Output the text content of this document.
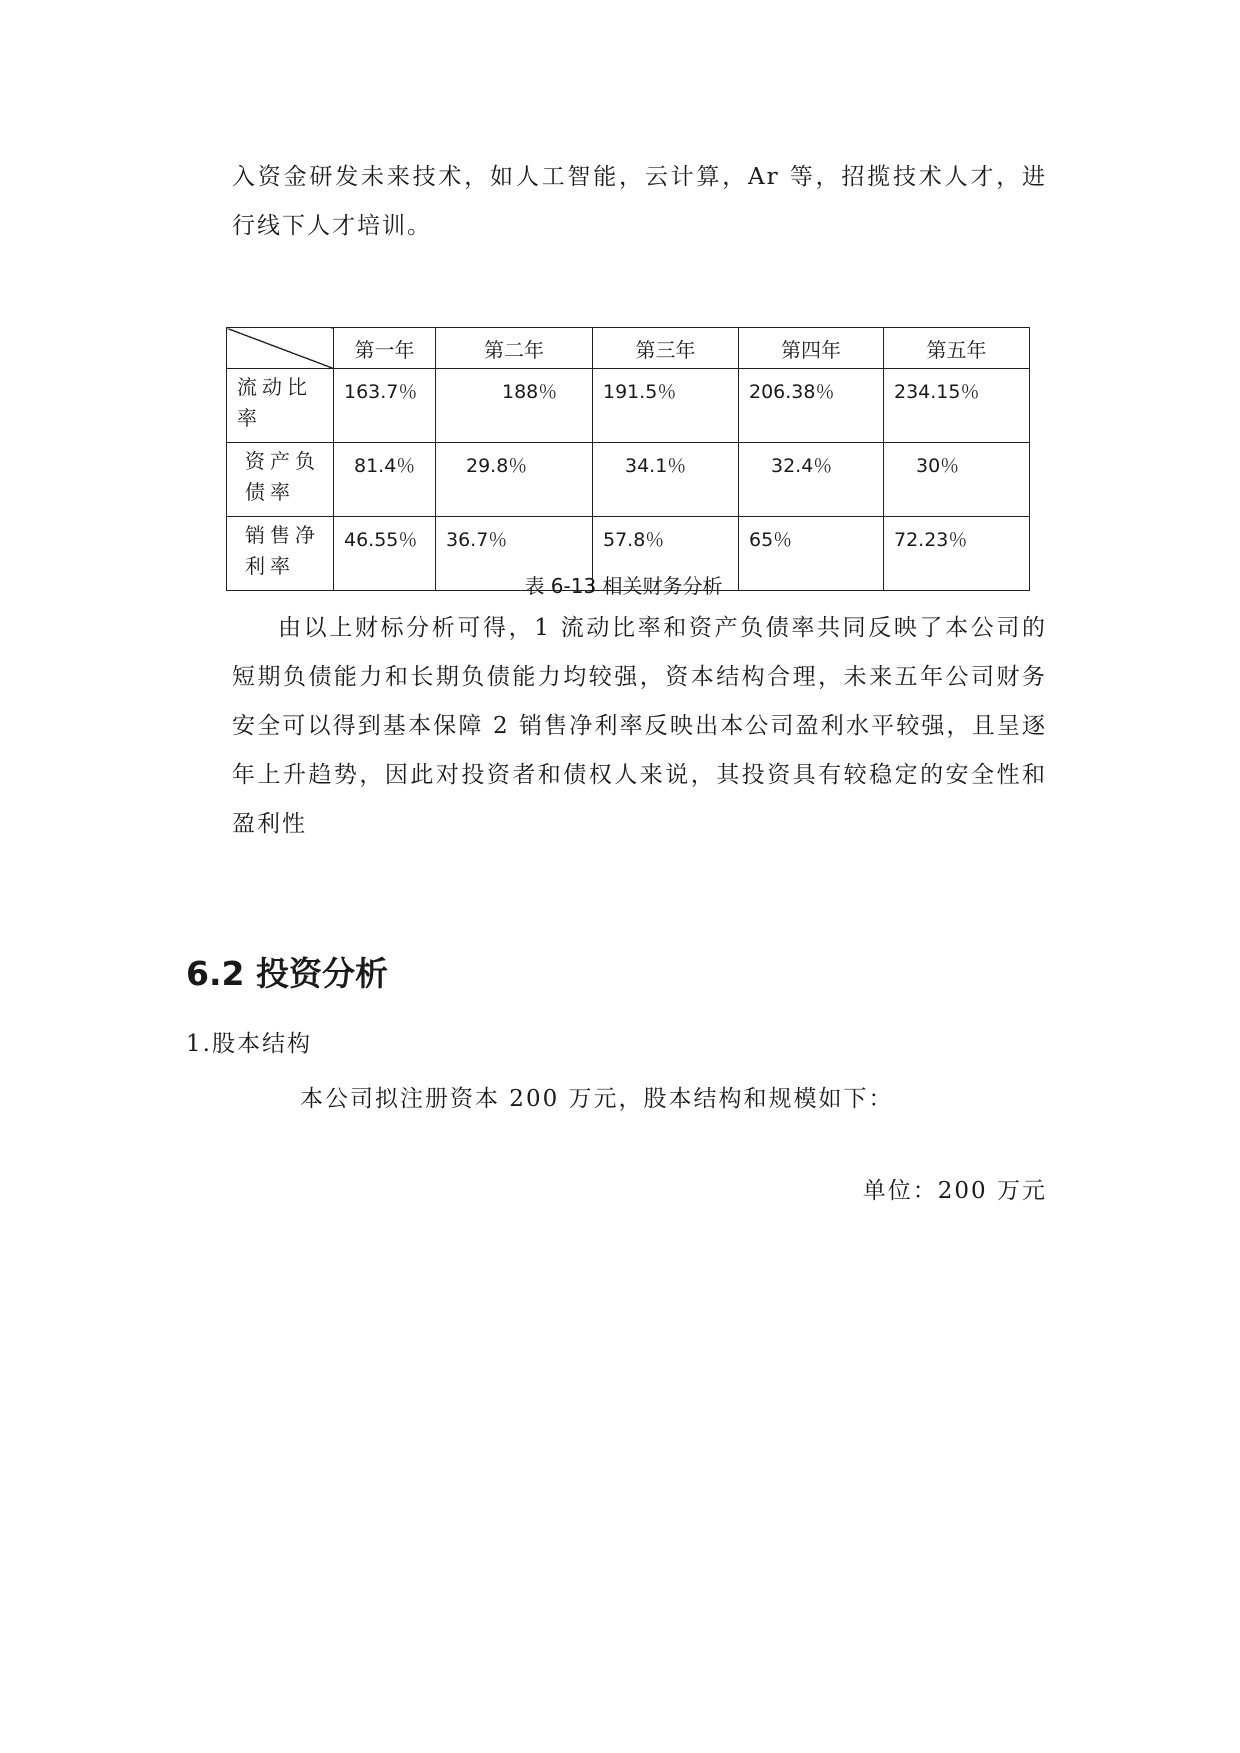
入资金研发未来技术，如人工智能，云计算，Ar 等，招揽技术人才，进行线下人才培训。

	第一年	第二年	第三年	第四年	第五年
流动比率	163.7％	188％	191.5％	206.38％	234.15％
资产负债率	81.4％	29.8％	34.1％	32.4％	30％
销售净利率	46.55％	36.7％	57.8％	65％	72.23％
表 6-13 相关财务分析

由以上财标分析可得，1 流动比率和资产负债率共同反映了本公司的短期负债能力和长期负债能力均较强，资本结构合理，未来五年公司财务安全可以得到基本保障 2 销售净利率反映出本公司盈利水平较强，且呈逐年上升趋势，因此对投资者和债权人来说，其投资具有较稳定的安全性和盈利性

6.2 投资分析
1.股本结构
本公司拟注册资本 200 万元，股本结构和规模如下：
单位：200 万元
